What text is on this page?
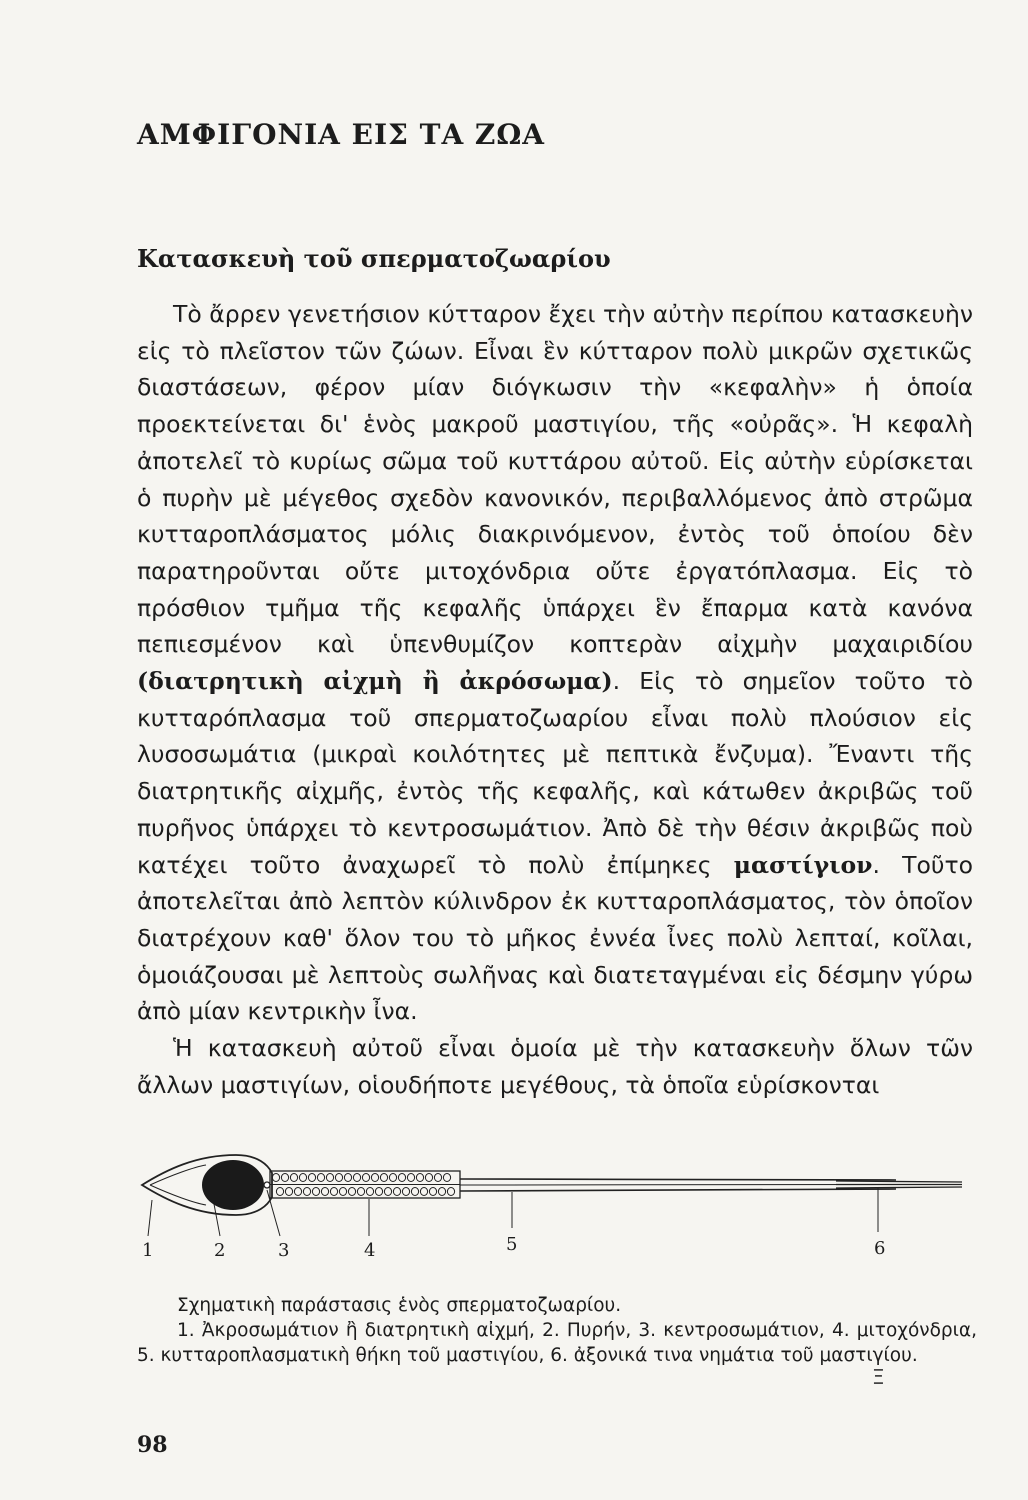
ΑΜΦΙΓΟΝΙΑ ΕΙΣ ΤΑ ΖΩΑ
Κατασκευὴ τοῦ σπερματοζωαρίου

Τὸ ἄρρεν γενετήσιον κύτταρον ἔχει τὴν αὐτὴν περίπου κατασκευὴν εἰς τὸ πλεῖστον τῶν ζώων. Εἶναι ἓν κύτταρον πολὺ μικρῶν σχετικῶς διαστάσεων, φέρον μίαν διόγκωσιν τὴν «κεφαλὴν» ἡ ὁποία προεκτείνεται δι' ἑνὸς μακροῦ μαστιγίου, τῆς «οὐρᾶς». Ἡ κεφαλὴ ἀποτελεῖ τὸ κυρίως σῶμα τοῦ κυττάρου αὐτοῦ. Εἰς αὐτὴν εὑρίσκεται ὁ πυρὴν μὲ μέγεθος σχεδὸν κανονικόν, περιβαλλόμενος ἀπὸ στρῶμα κυτταροπλάσματος μόλις διακρινόμενον, ἐντὸς τοῦ ὁποίου δὲν παρατηροῦνται οὔτε μιτοχόνδρια οὔτε ἐργατόπλασμα. Εἰς τὸ πρόσθιον τμῆμα τῆς κεφαλῆς ὑπάρχει ἓν ἔπαρμα κατὰ κανόνα πεπιεσμένον καὶ ὑπενθυμίζον κοπτερὰν αἰχμὴν μαχαιριδίου (διατρητικὴ αἰχμὴ ἢ ἀκρόσωμα). Εἰς τὸ σημεῖον τοῦτο τὸ κυτταρόπλασμα τοῦ σπερματοζωαρίου εἶναι πολὺ πλούσιον εἰς λυσοσωμάτια (μικραὶ κοιλότητες μὲ πεπτικὰ ἔνζυμα). Ἔναντι τῆς διατρητικῆς αἰχμῆς, ἐντὸς τῆς κεφαλῆς, καὶ κάτωθεν ἀκριβῶς τοῦ πυρῆνος ὑπάρχει τὸ κεντροσωμάτιον. Ἀπὸ δὲ τὴν θέσιν ἀκριβῶς ποὺ κατέχει τοῦτο ἀναχωρεῖ τὸ πολὺ ἐπίμηκες μαστίγιον. Τοῦτο ἀποτελεῖται ἀπὸ λεπτὸν κύλινδρον ἐκ κυτταροπλάσματος, τὸν ὁποῖον διατρέχουν καθ' ὅλον του τὸ μῆκος ἐννέα ἶνες πολὺ λεπταί, κοῖλαι, ὁμοιάζουσαι μὲ λεπτοὺς σωλῆνας καὶ διατεταγμέναι εἰς δέσμην γύρω ἀπὸ μίαν κεντρικὴν ἶνα.

Ἡ κατασκευὴ αὐτοῦ εἶναι ὁμοία μὲ τὴν κατασκευὴν ὅλων τῶν ἄλλων μαστιγίων, οἱουδήποτε μεγέθους, τὰ ὁποῖα εὑρίσκονται

1	2	3	4	5	6
Σχηματικὴ παράστασις ἑνὸς σπερματοζωαρίου.
1. Ἀκροσωμάτιον ἢ διατρητικὴ αἰχμή, 2. Πυρήν, 3. κεντροσωμάτιον, 4. μιτοχόνδρια, 5. κυτταροπλασματικὴ θήκη τοῦ μαστιγίου, 6. ἀξονικά τινα νημάτια τοῦ μαστιγίου.
Ξ
98
